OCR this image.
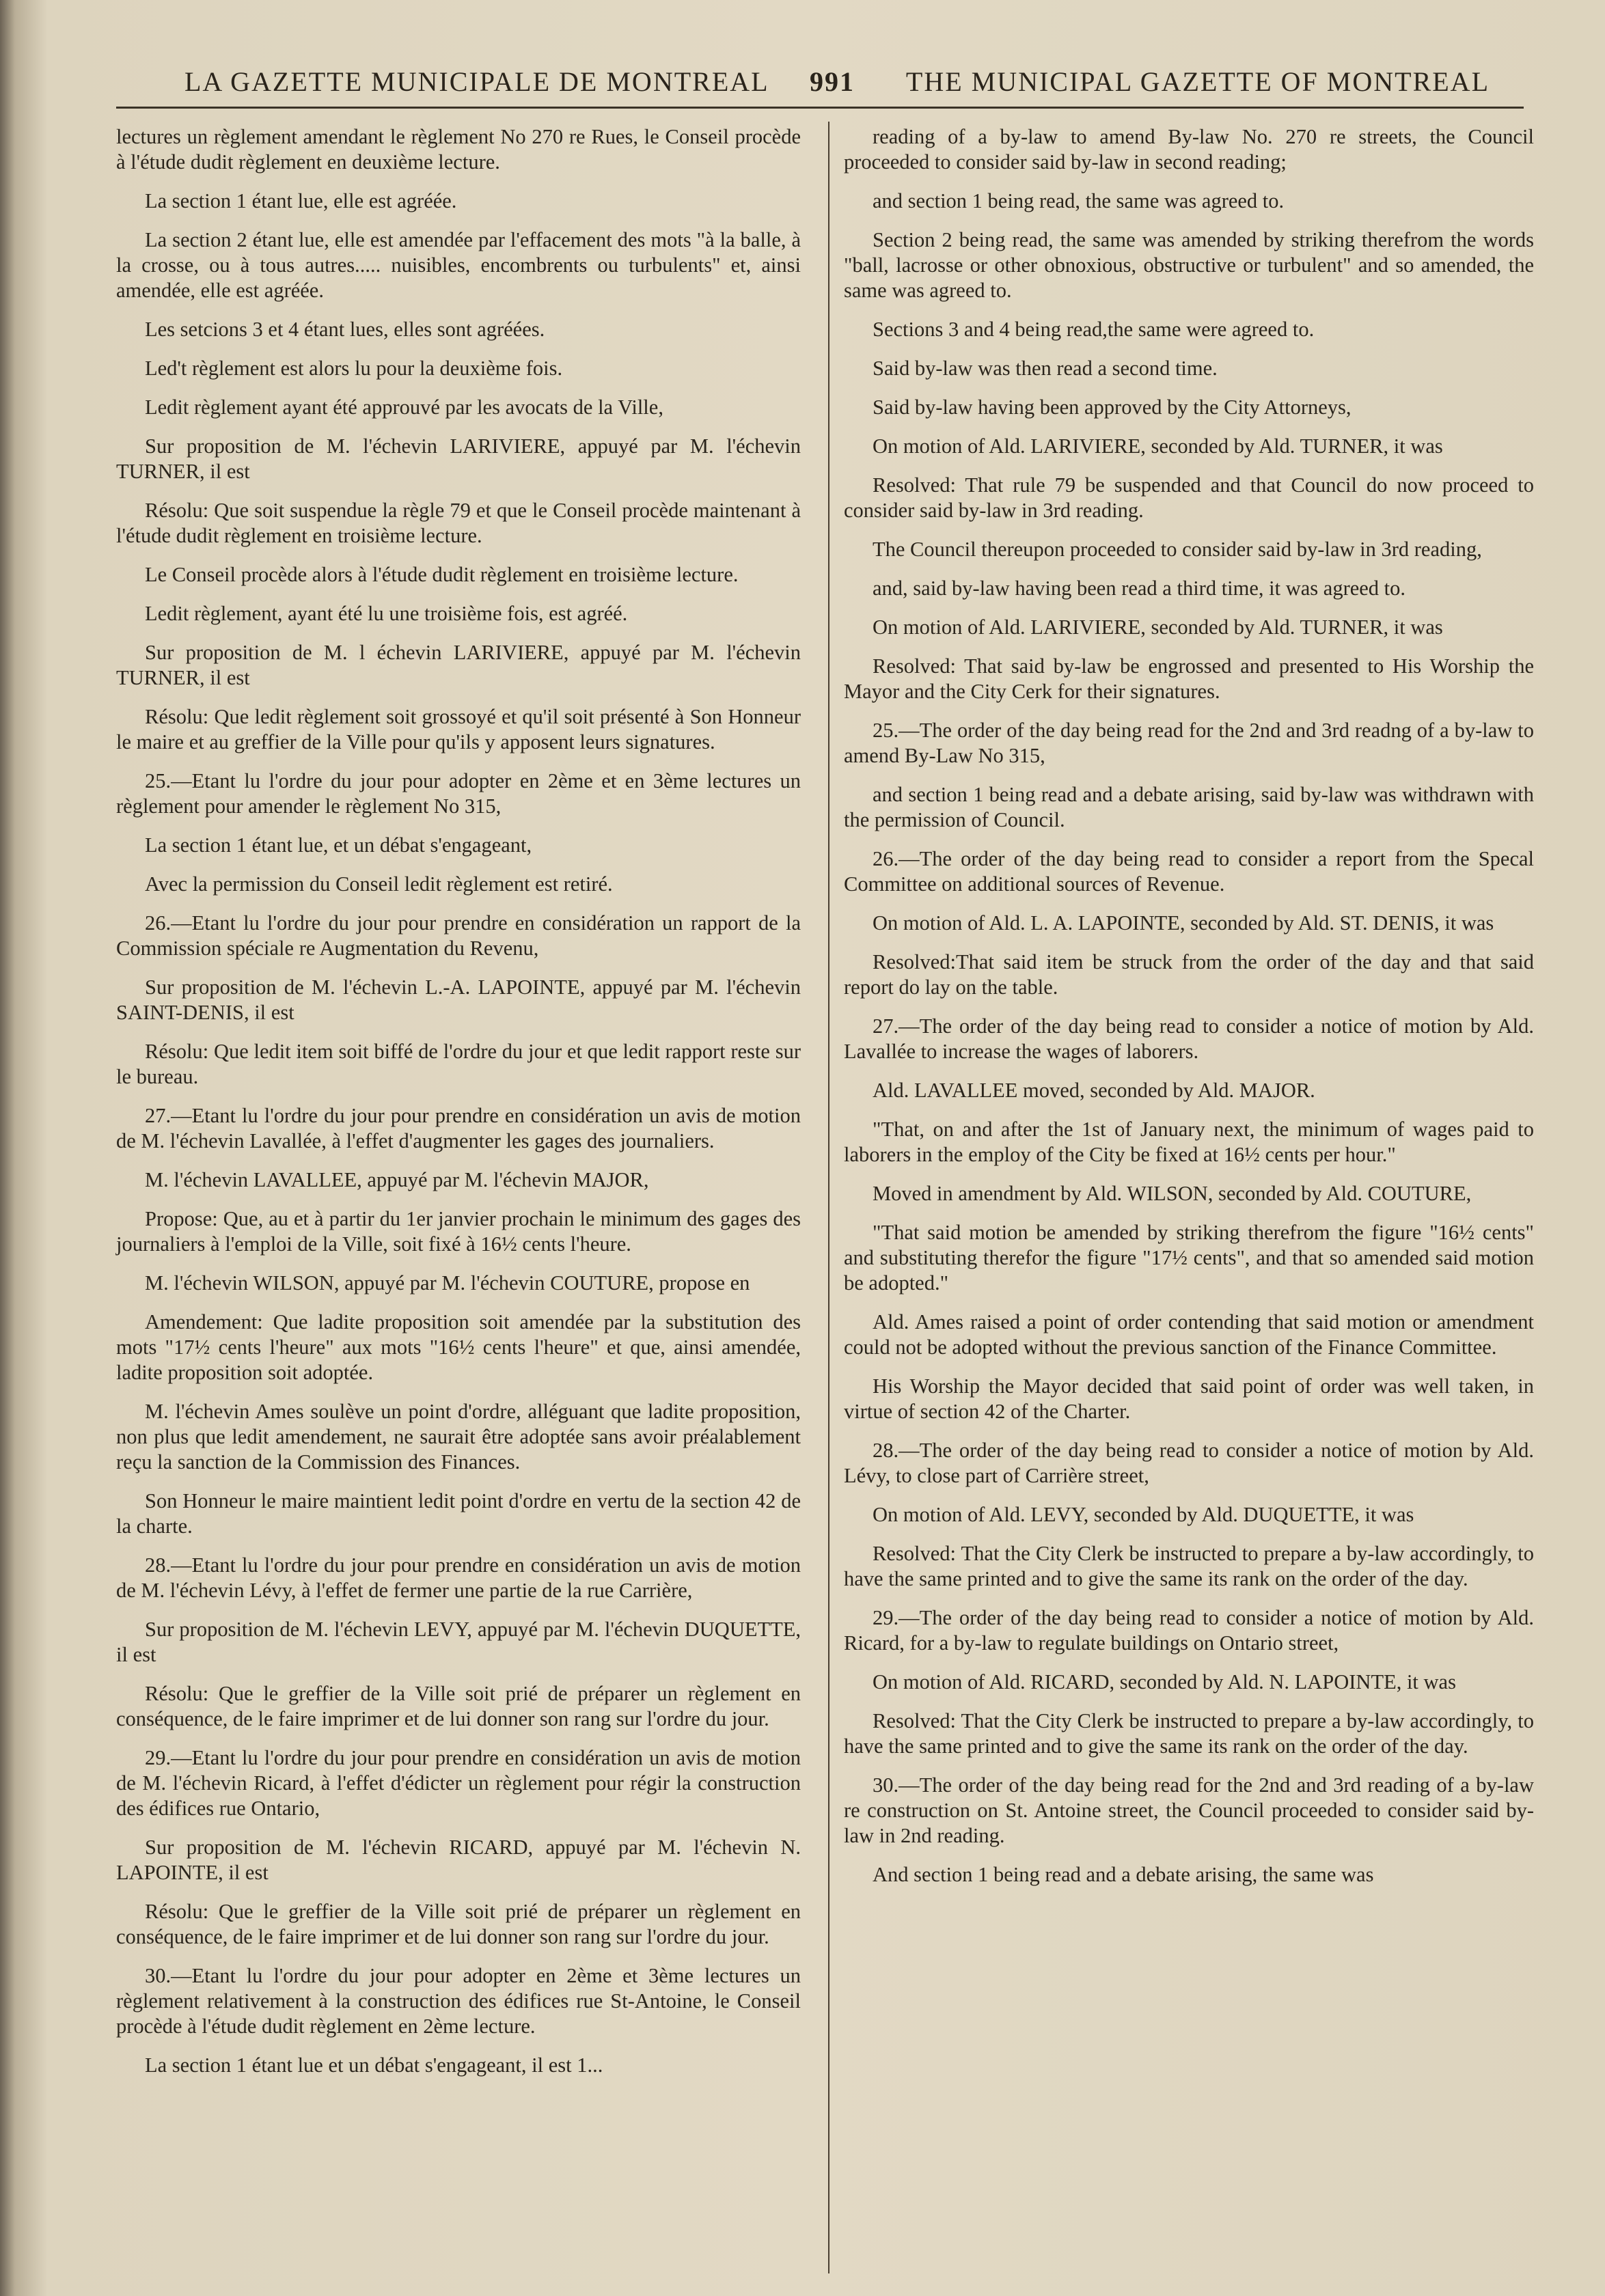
LA GAZETTE MUNICIPALE DE MONTREAL 991 THE MUNICIPAL GAZETTE OF MONTREAL

lectures un règlement amendant le règlement No 270 re Rues, le Conseil procède à l'étude dudit règlement en deuxième lecture.

La section 1 étant lue, elle est agréée.

La section 2 étant lue, elle est amendée par l'effacement des mots "à la balle, à la crosse, ou à tous autres..... nuisibles, encombrents ou turbulents" et, ainsi amendée, elle est agréée.

Les setcions 3 et 4 étant lues, elles sont agréées.

Led't règlement est alors lu pour la deuxième fois.

Ledit règlement ayant été approuvé par les avocats de la Ville,

Sur proposition de M. l'échevin LARIVIERE, appuyé par M. l'échevin TURNER, il est

Résolu: Que soit suspendue la règle 79 et que le Conseil procède maintenant à l'étude dudit règlement en troisième lecture.

Le Conseil procède alors à l'étude dudit règlement en troisième lecture.

Ledit règlement, ayant été lu une troisième fois, est agréé.

Sur proposition de M. l échevin LARIVIERE, appuyé par M. l'échevin TURNER, il est

Résolu: Que ledit règlement soit grossoyé et qu'il soit présenté à Son Honneur le maire et au greffier de la Ville pour qu'ils y apposent leurs signatures.

25.—Etant lu l'ordre du jour pour adopter en 2ème et en 3ème lectures un règlement pour amender le règlement No 315,

La section 1 étant lue, et un débat s'engageant,

Avec la permission du Conseil ledit règlement est retiré.

26.—Etant lu l'ordre du jour pour prendre en considération un rapport de la Commission spéciale re Augmentation du Revenu,

Sur proposition de M. l'échevin L.-A. LAPOINTE, appuyé par M. l'échevin SAINT-DENIS, il est

Résolu: Que ledit item soit biffé de l'ordre du jour et que ledit rapport reste sur le bureau.

27.—Etant lu l'ordre du jour pour prendre en considération un avis de motion de M. l'échevin Lavallée, à l'effet d'augmenter les gages des journaliers.

M. l'échevin LAVALLEE, appuyé par M. l'échevin MAJOR,

Propose: Que, au et à partir du 1er janvier prochain le minimum des gages des journaliers à l'emploi de la Ville, soit fixé à 16½ cents l'heure.

M. l'échevin WILSON, appuyé par M. l'échevin COUTURE, propose en

Amendement: Que ladite proposition soit amendée par la substitution des mots "17½ cents l'heure" aux mots "16½ cents l'heure" et que, ainsi amendée, ladite proposition soit adoptée.

M. l'échevin Ames soulève un point d'ordre, alléguant que ladite proposition, non plus que ledit amendement, ne saurait être adoptée sans avoir préalablement reçu la sanction de la Commission des Finances.

Son Honneur le maire maintient ledit point d'ordre en vertu de la section 42 de la charte.

28.—Etant lu l'ordre du jour pour prendre en considération un avis de motion de M. l'échevin Lévy, à l'effet de fermer une partie de la rue Carrière,

Sur proposition de M. l'échevin LEVY, appuyé par M. l'échevin DUQUETTE, il est

Résolu: Que le greffier de la Ville soit prié de préparer un règlement en conséquence, de le faire imprimer et de lui donner son rang sur l'ordre du jour.

29.—Etant lu l'ordre du jour pour prendre en considération un avis de motion de M. l'échevin Ricard, à l'effet d'édicter un règlement pour régir la construction des édifices rue Ontario,

Sur proposition de M. l'échevin RICARD, appuyé par M. l'échevin N. LAPOINTE, il est

Résolu: Que le greffier de la Ville soit prié de préparer un règlement en conséquence, de le faire imprimer et de lui donner son rang sur l'ordre du jour.

30.—Etant lu l'ordre du jour pour adopter en 2ème et 3ème lectures un règlement relativement à la construction des édifices rue St-Antoine, le Conseil procède à l'étude dudit règlement en 2ème lecture.

La section 1 étant lue et un débat s'engageant, il est 1...

reading of a by-law to amend By-law No. 270 re streets, the Council proceeded to consider said by-law in second reading;

and section 1 being read, the same was agreed to.

Section 2 being read, the same was amended by striking therefrom the words "ball, lacrosse or other obnoxious, obstructive or turbulent" and so amended, the same was agreed to.

Sections 3 and 4 being read,the same were agreed to.

Said by-law was then read a second time.

Said by-law having been approved by the City Attorneys,

On motion of Ald. LARIVIERE, seconded by Ald. TURNER, it was

Resolved: That rule 79 be suspended and that Council do now proceed to consider said by-law in 3rd reading.

The Council thereupon proceeded to consider said by-law in 3rd reading,

and, said by-law having been read a third time, it was agreed to.

On motion of Ald. LARIVIERE, seconded by Ald. TURNER, it was

Resolved: That said by-law be engrossed and presented to His Worship the Mayor and the City Cerk for their signatures.

25.—The order of the day being read for the 2nd and 3rd readng of a by-law to amend By-Law No 315,

and section 1 being read and a debate arising, said by-law was withdrawn with the permission of Council.

26.—The order of the day being read to consider a report from the Specal Committee on additional sources of Revenue.

On motion of Ald. L. A. LAPOINTE, seconded by Ald. ST. DENIS, it was

Resolved:That said item be struck from the order of the day and that said report do lay on the table.

27.—The order of the day being read to consider a notice of motion by Ald. Lavallée to increase the wages of laborers.

Ald. LAVALLEE moved, seconded by Ald. MAJOR.

"That, on and after the 1st of January next, the minimum of wages paid to laborers in the employ of the City be fixed at 16½ cents per hour."

Moved in amendment by Ald. WILSON, seconded by Ald. COUTURE,

"That said motion be amended by striking therefrom the figure "16½ cents" and substituting therefor the figure "17½ cents", and that so amended said motion be adopted."

Ald. Ames raised a point of order contending that said motion or amendment could not be adopted without the previous sanction of the Finance Committee.

His Worship the Mayor decided that said point of order was well taken, in virtue of section 42 of the Charter.

28.—The order of the day being read to consider a notice of motion by Ald. Lévy, to close part of Carrière street,

On motion of Ald. LEVY, seconded by Ald. DUQUETTE, it was

Resolved: That the City Clerk be instructed to prepare a by-law accordingly, to have the same printed and to give the same its rank on the order of the day.

29.—The order of the day being read to consider a notice of motion by Ald. Ricard, for a by-law to regulate buildings on Ontario street,

On motion of Ald. RICARD, seconded by Ald. N. LAPOINTE, it was

Resolved: That the City Clerk be instructed to prepare a by-law accordingly, to have the same printed and to give the same its rank on the order of the day.

30.—The order of the day being read for the 2nd and 3rd reading of a by-law re construction on St. Antoine street, the Council proceeded to consider said by-law in 2nd reading.

And section 1 being read and a debate arising, the same was
